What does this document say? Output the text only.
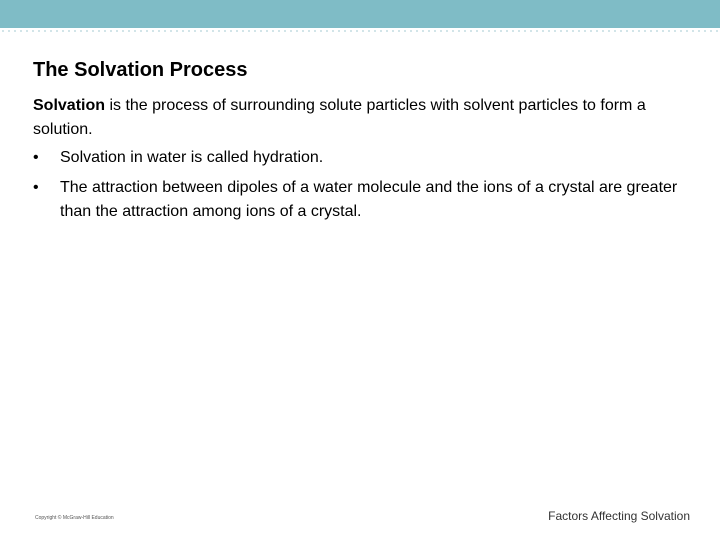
The Solvation Process
Solvation is the process of surrounding solute particles with solvent particles to form a solution.
• Solvation in water is called hydration.
• The attraction between dipoles of a water molecule and the ions of a crystal are greater than the attraction among ions of a crystal.
Copyright © McGraw-Hill Education	Factors Affecting Solvation
